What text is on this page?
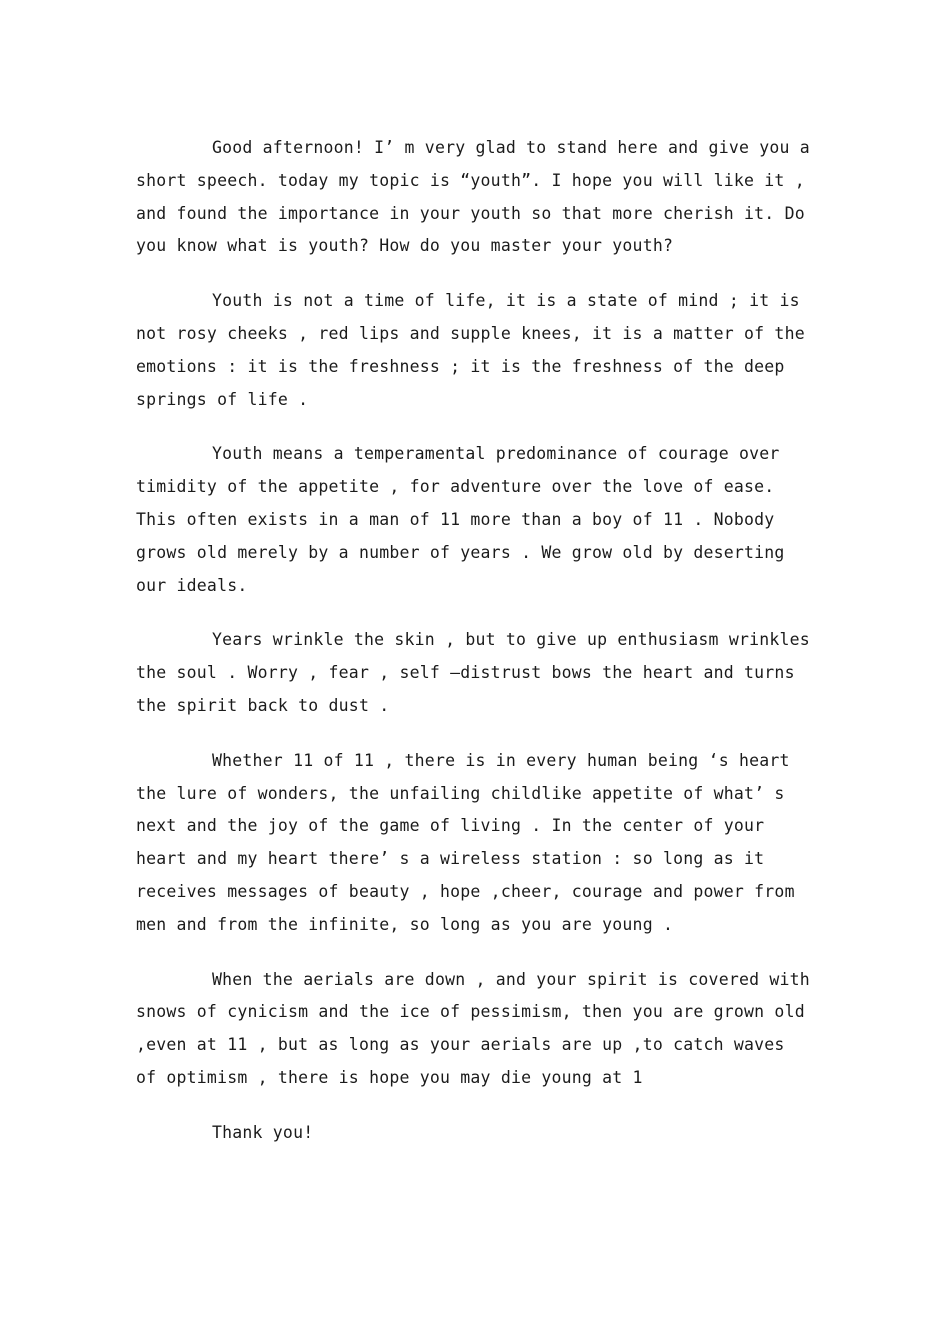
Good afternoon! I’ m very glad to stand here and give you a short speech. today my topic is “youth”. I hope you will like it , and found the importance in your youth so that more cherish it. Do you know what is youth? How do you master your youth?

Youth is not a time of life, it is a state of mind ; it is not rosy cheeks , red lips and supple knees, it is a matter of the emotions : it is the freshness ; it is the freshness of the deep springs of life .

Youth means a temperamental predominance of courage over timidity of the appetite , for adventure over the love of ease. This often exists in a man of 11 more than a boy of 11 . Nobody grows old merely by a number of years . We grow old by deserting our ideals.

Years wrinkle the skin , but to give up enthusiasm wrinkles the soul . Worry , fear , self –distrust bows the heart and turns the spirit back to dust .

Whether 11 of 11 , there is in every human being ‘s heart the lure of wonders, the unfailing childlike appetite of what’ s next and the joy of the game of living . In the center of your heart and my heart there’ s a wireless station : so long as it receives messages of beauty , hope ,cheer, courage and power from men and from the infinite, so long as you are young .

When the aerials are down , and your spirit is covered with snows of cynicism and the ice of pessimism, then you are grown old ,even at 11 , but as long as your aerials are up ,to catch waves of optimism , there is hope you may die young at 1

Thank you!
